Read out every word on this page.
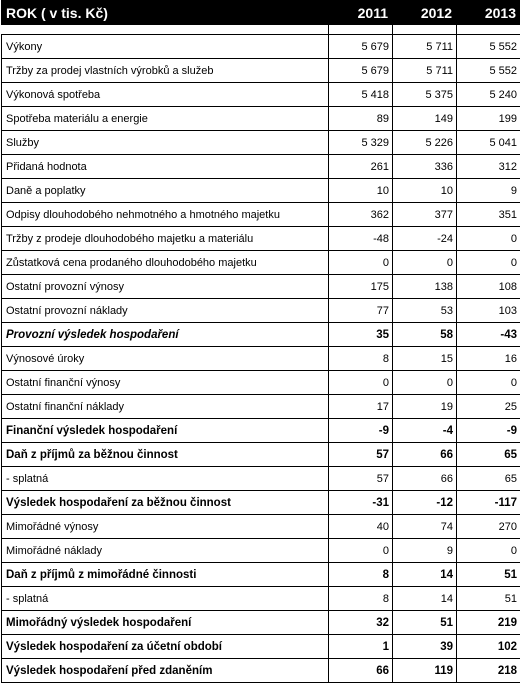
ROK ( v tis. Kč)	2011	2012	2013

Výkony	5 679	5 711	5 552
Tržby za prodej vlastních výrobků a služeb	5 679	5 711	5 552
Výkonová spotřeba	5 418	5 375	5 240
Spotřeba materiálu a energie	89	149	199
Služby	5 329	5 226	5 041
Přidaná hodnota	261	336	312
Daně a poplatky	10	10	9
Odpisy dlouhodobého nehmotného a hmotného majetku	362	377	351
Tržby z prodeje dlouhodobého majetku a materiálu	-48	-24	0
Zůstatková cena prodaného dlouhodobého majetku	0	0	0
Ostatní provozní výnosy	175	138	108
Ostatní provozní náklady	77	53	103
Provozní výsledek hospodaření	35	58	-43
Výnosové úroky	8	15	16
Ostatní finanční výnosy	0	0	0
Ostatní finanční náklady	17	19	25
Finanční výsledek hospodaření	-9	-4	-9
Daň z příjmů za běžnou činnost	57	66	65
- splatná	57	66	65
Výsledek hospodaření za běžnou činnost	-31	-12	-117
Mimořádné výnosy	40	74	270
Mimořádné náklady	0	9	0
Daň z příjmů z mimořádné činnosti	8	14	51
- splatná	8	14	51
Mimořádný výsledek hospodaření	32	51	219
Výsledek hospodaření za účetní období	1	39	102
Výsledek hospodaření před zdaněním	66	119	218
